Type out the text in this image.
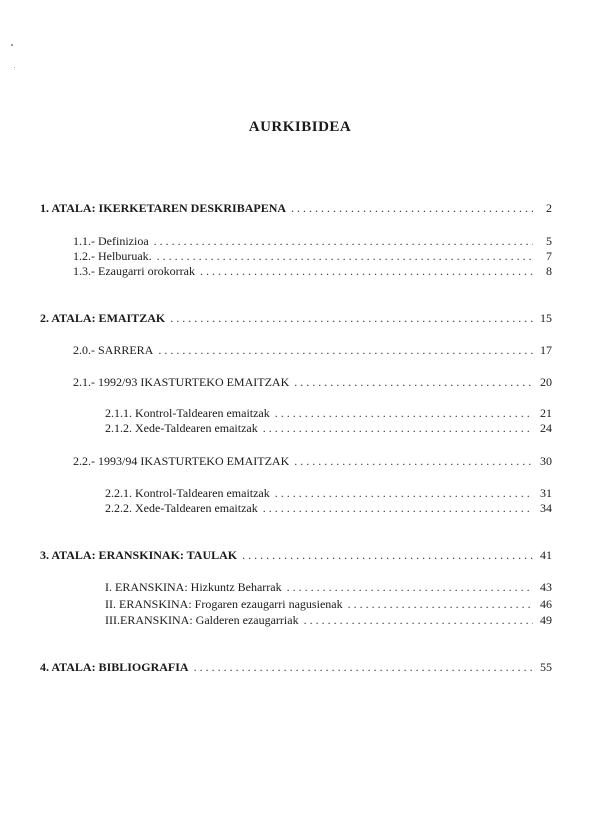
AURKIBIDEA
1. ATALA: IKERKETAREN DESKRIBAPENA . . .	2
1.1.- Definizioa . . .	5
1.2.- Helburuak. . . .	7
1.3.- Ezaugarri orokorrak . . .	8
2. ATALA: EMAITZAK . . .	15
2.0.- SARRERA . . .	17
2.1.- 1992/93 IKASTURTEKO EMAITZAK . . .	20
2.1.1. Kontrol-Taldearen emaitzak . . .	21
2.1.2. Xede-Taldearen emaitzak . . .	24
2.2.- 1993/94 IKASTURTEKO EMAITZAK . . .	30
2.2.1. Kontrol-Taldearen emaitzak . . .	31
2.2.2. Xede-Taldearen emaitzak . . .	34
3. ATALA: ERANSKINAK: TAULAK . . .	41
I. ERANSKINA: Hizkuntz Beharrak . . .	43
II. ERANSKINA: Frogaren ezaugarri nagusienak . . .	46
III.ERANSKINA: Galderen ezaugarriak . . .	49
4. ATALA: BIBLIOGRAFIA . . .	55
